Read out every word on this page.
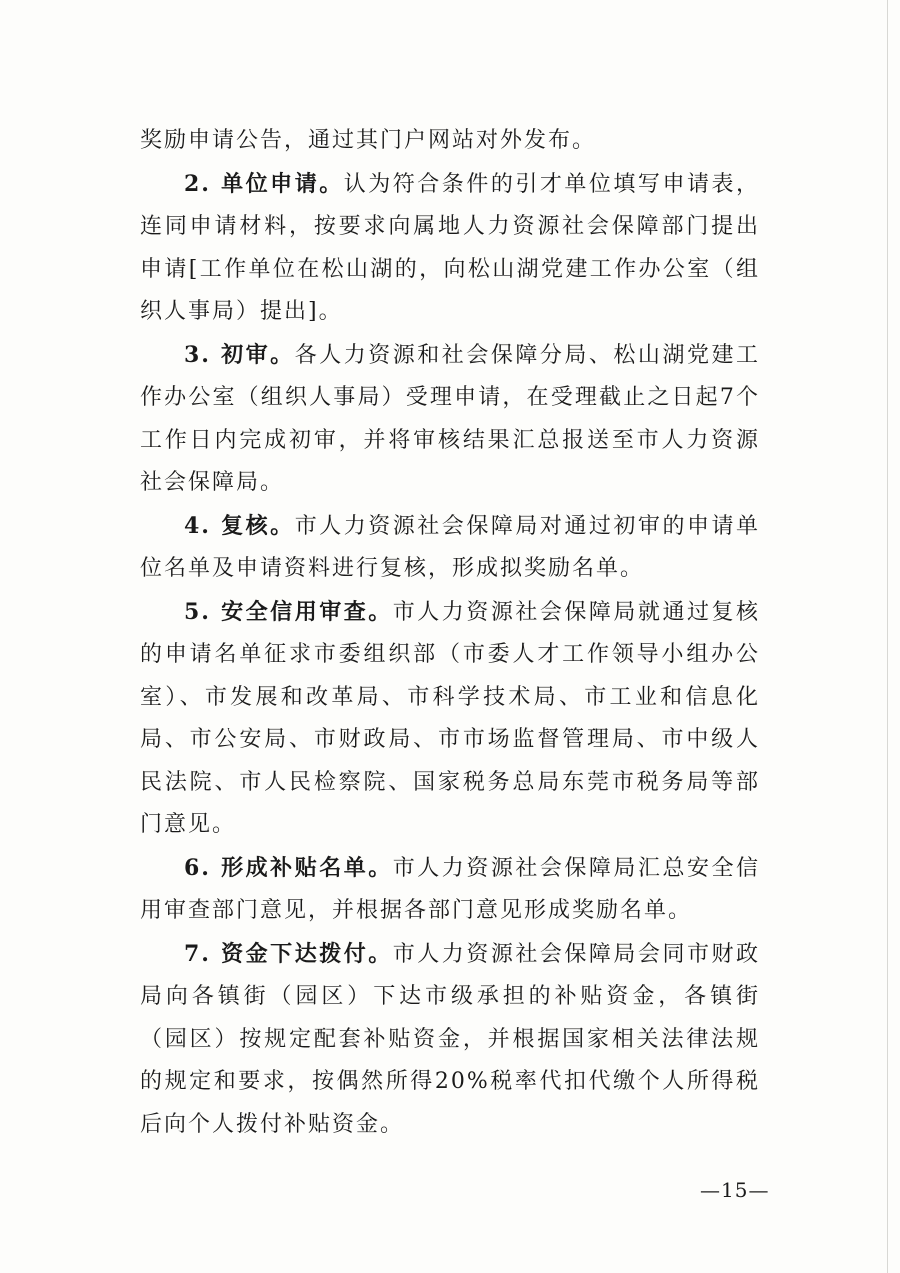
奖励申请公告，通过其门户网站对外发布。

2. 单位申请。认为符合条件的引才单位填写申请表，连同申请材料，按要求向属地人力资源社会保障部门提出申请[工作单位在松山湖的，向松山湖党建工作办公室（组织人事局）提出]。

3. 初审。各人力资源和社会保障分局、松山湖党建工作办公室（组织人事局）受理申请，在受理截止之日起7个工作日内完成初审，并将审核结果汇总报送至市人力资源社会保障局。

4. 复核。市人力资源社会保障局对通过初审的申请单位名单及申请资料进行复核，形成拟奖励名单。

5. 安全信用审查。市人力资源社会保障局就通过复核的申请名单征求市委组织部（市委人才工作领导小组办公室）、市发展和改革局、市科学技术局、市工业和信息化局、市公安局、市财政局、市市场监督管理局、市中级人民法院、市人民检察院、国家税务总局东莞市税务局等部门意见。

6. 形成补贴名单。市人力资源社会保障局汇总安全信用审查部门意见，并根据各部门意见形成奖励名单。

7. 资金下达拨付。市人力资源社会保障局会同市财政局向各镇街（园区）下达市级承担的补贴资金，各镇街（园区）按规定配套补贴资金，并根据国家相关法律法规的规定和要求，按偶然所得20%税率代扣代缴个人所得税后向个人拨付补贴资金。

—15—
